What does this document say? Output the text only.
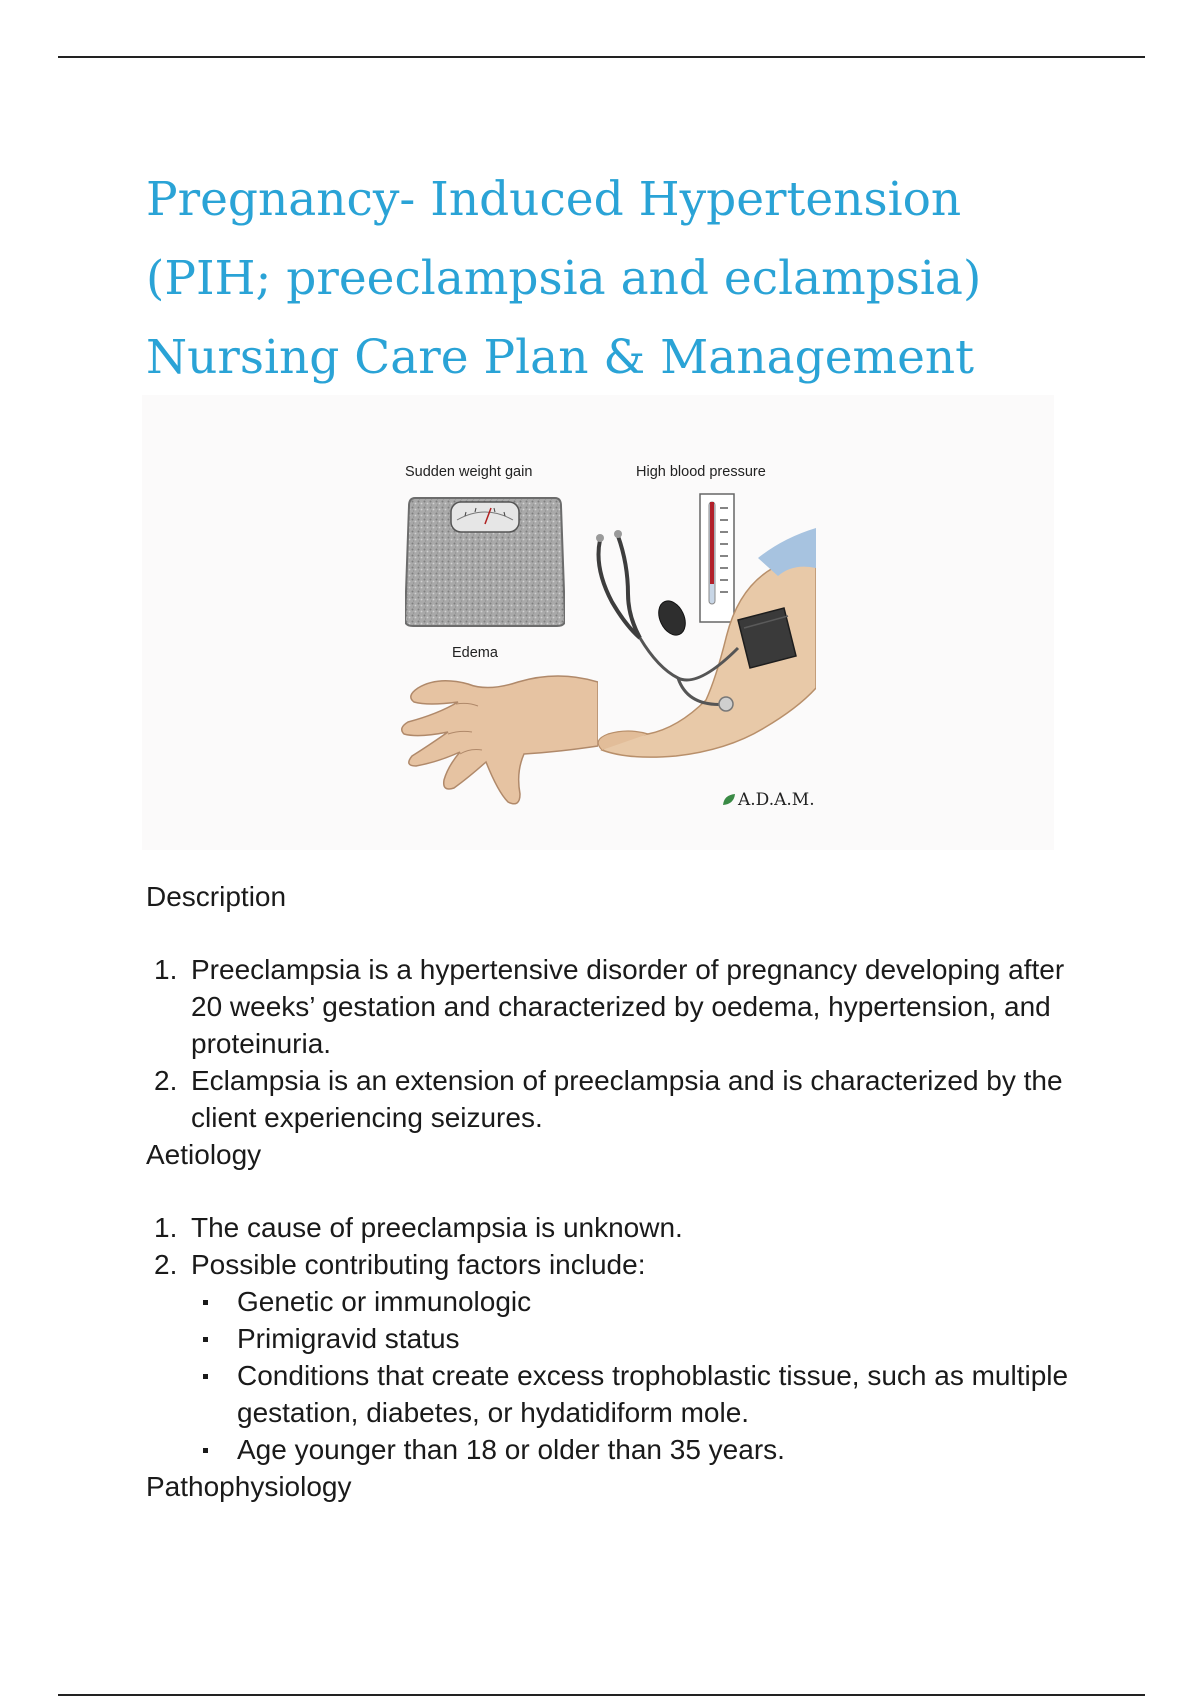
Pregnancy- Induced Hypertension
(PIH; preeclampsia and eclampsia)
Nursing Care Plan & Management
Sudden weight gain	High blood pressure
Edema
A.D.A.M.
Description
1. Preeclampsia is a hypertensive disorder of pregnancy developing after 20 weeks’ gestation and characterized by oedema, hypertension, and proteinuria.
2. Eclampsia is an extension of preeclampsia and is characterized by the client experiencing seizures.
Aetiology
1. The cause of preeclampsia is unknown.
2. Possible contributing factors include:
Genetic or immunologic
Primigravid status
Conditions that create excess trophoblastic tissue, such as multiple gestation, diabetes, or hydatidiform mole.
Age younger than 18 or older than 35 years.
Pathophysiology
